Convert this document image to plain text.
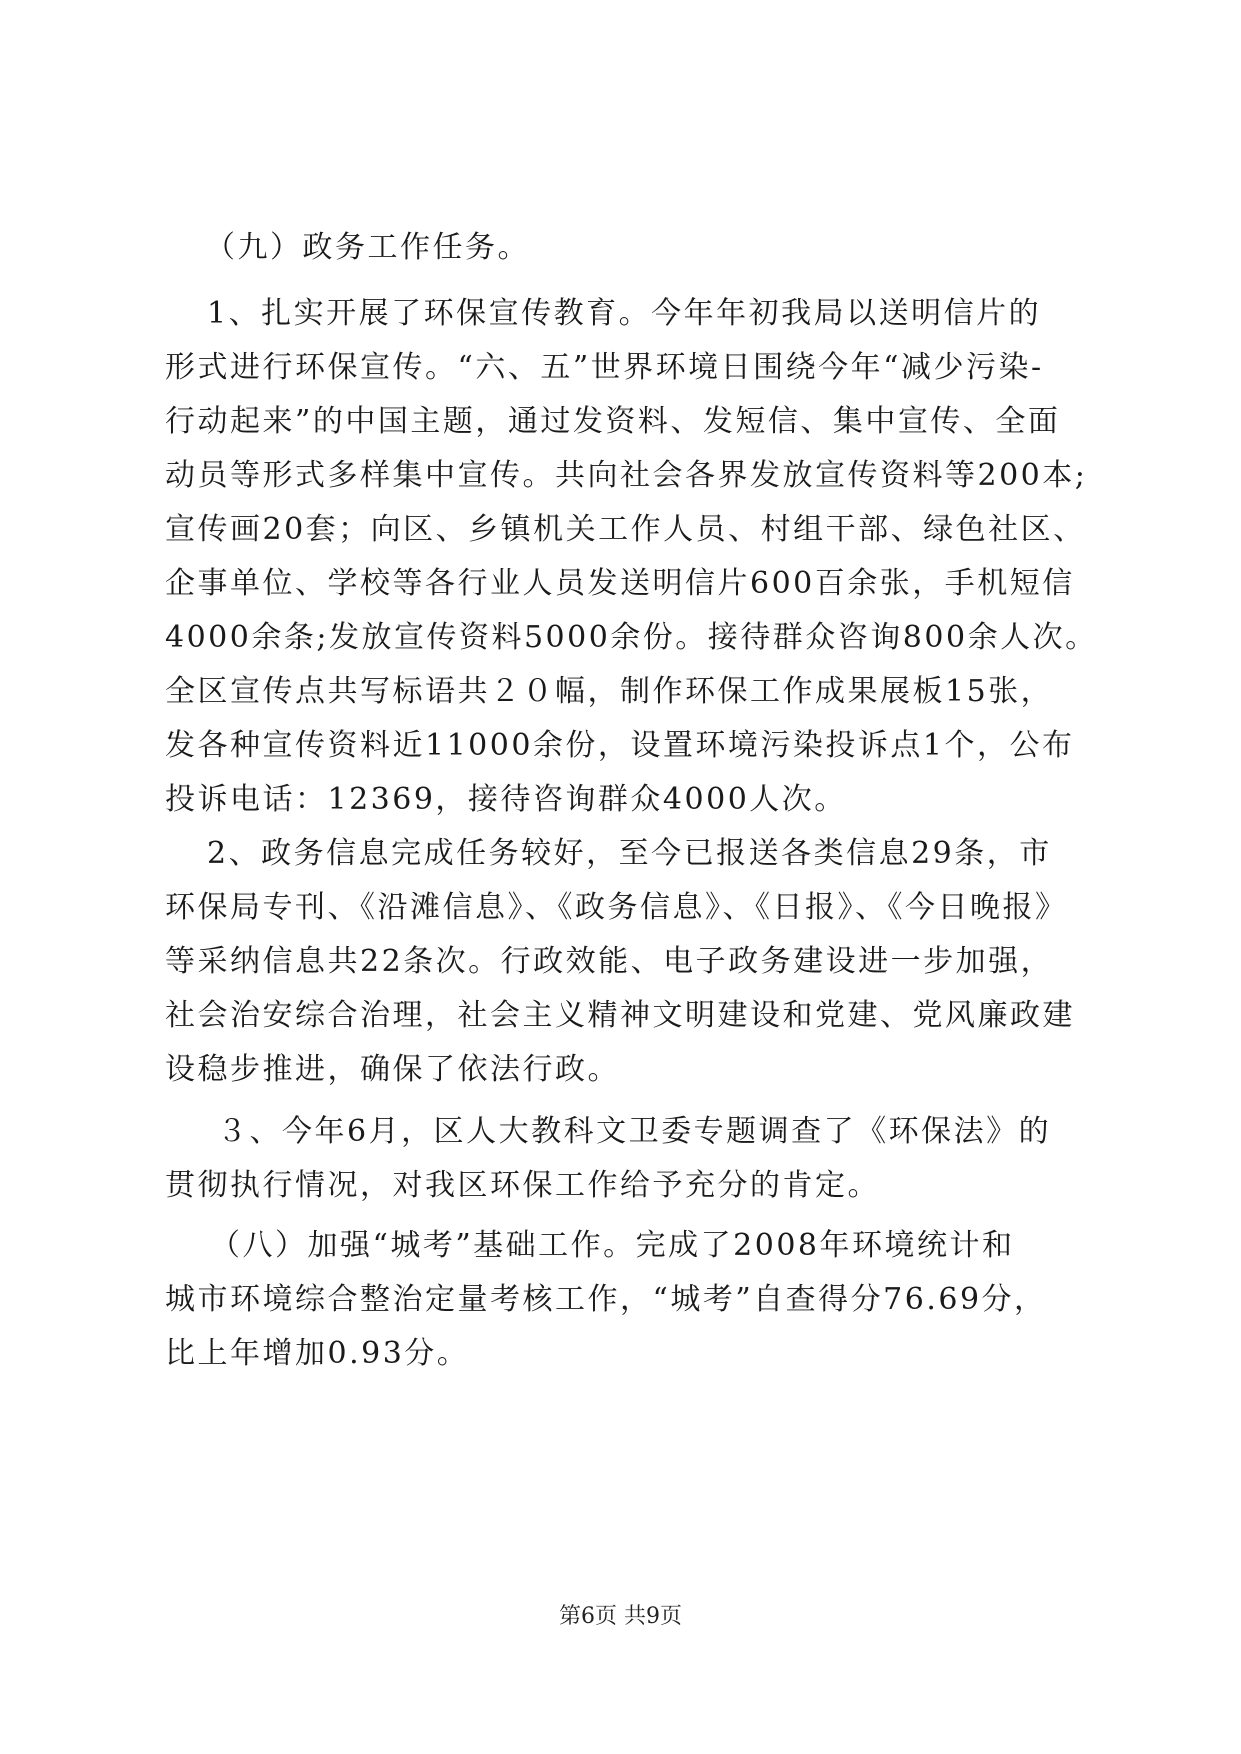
（九）政务工作任务。
1、扎实开展了环保宣传教育。今年年初我局以送明信片的
形式进行环保宣传。“六、五”世界环境日围绕今年“减少污染-
行动起来”的中国主题，通过发资料、发短信、集中宣传、全面
动员等形式多样集中宣传。共向社会各界发放宣传资料等200本;
宣传画20套；向区、乡镇机关工作人员、村组干部、绿色社区、
企事单位、学校等各行业人员发送明信片600百余张，手机短信
4000余条;发放宣传资料5000余份。接待群众咨询800余人次。
全区宣传点共写标语共２０幅，制作环保工作成果展板15张，
发各种宣传资料近11000余份，设置环境污染投诉点1个，公布
投诉电话：12369，接待咨询群众4000人次。
2、政务信息完成任务较好，至今已报送各类信息29条，市
环保局专刊、《沿滩信息》、《政务信息》、《日报》、《今日晚报》
等采纳信息共22条次。行政效能、电子政务建设进一步加强，
社会治安综合治理，社会主义精神文明建设和党建、党风廉政建
设稳步推进，确保了依法行政。
３、今年6月，区人大教科文卫委专题调查了《环保法》的
贯彻执行情况，对我区环保工作给予充分的肯定。
（八）加强“城考”基础工作。完成了2008年环境统计和
城市环境综合整治定量考核工作，“城考”自查得分76.69分，
比上年增加0.93分。
第6页 共9页
